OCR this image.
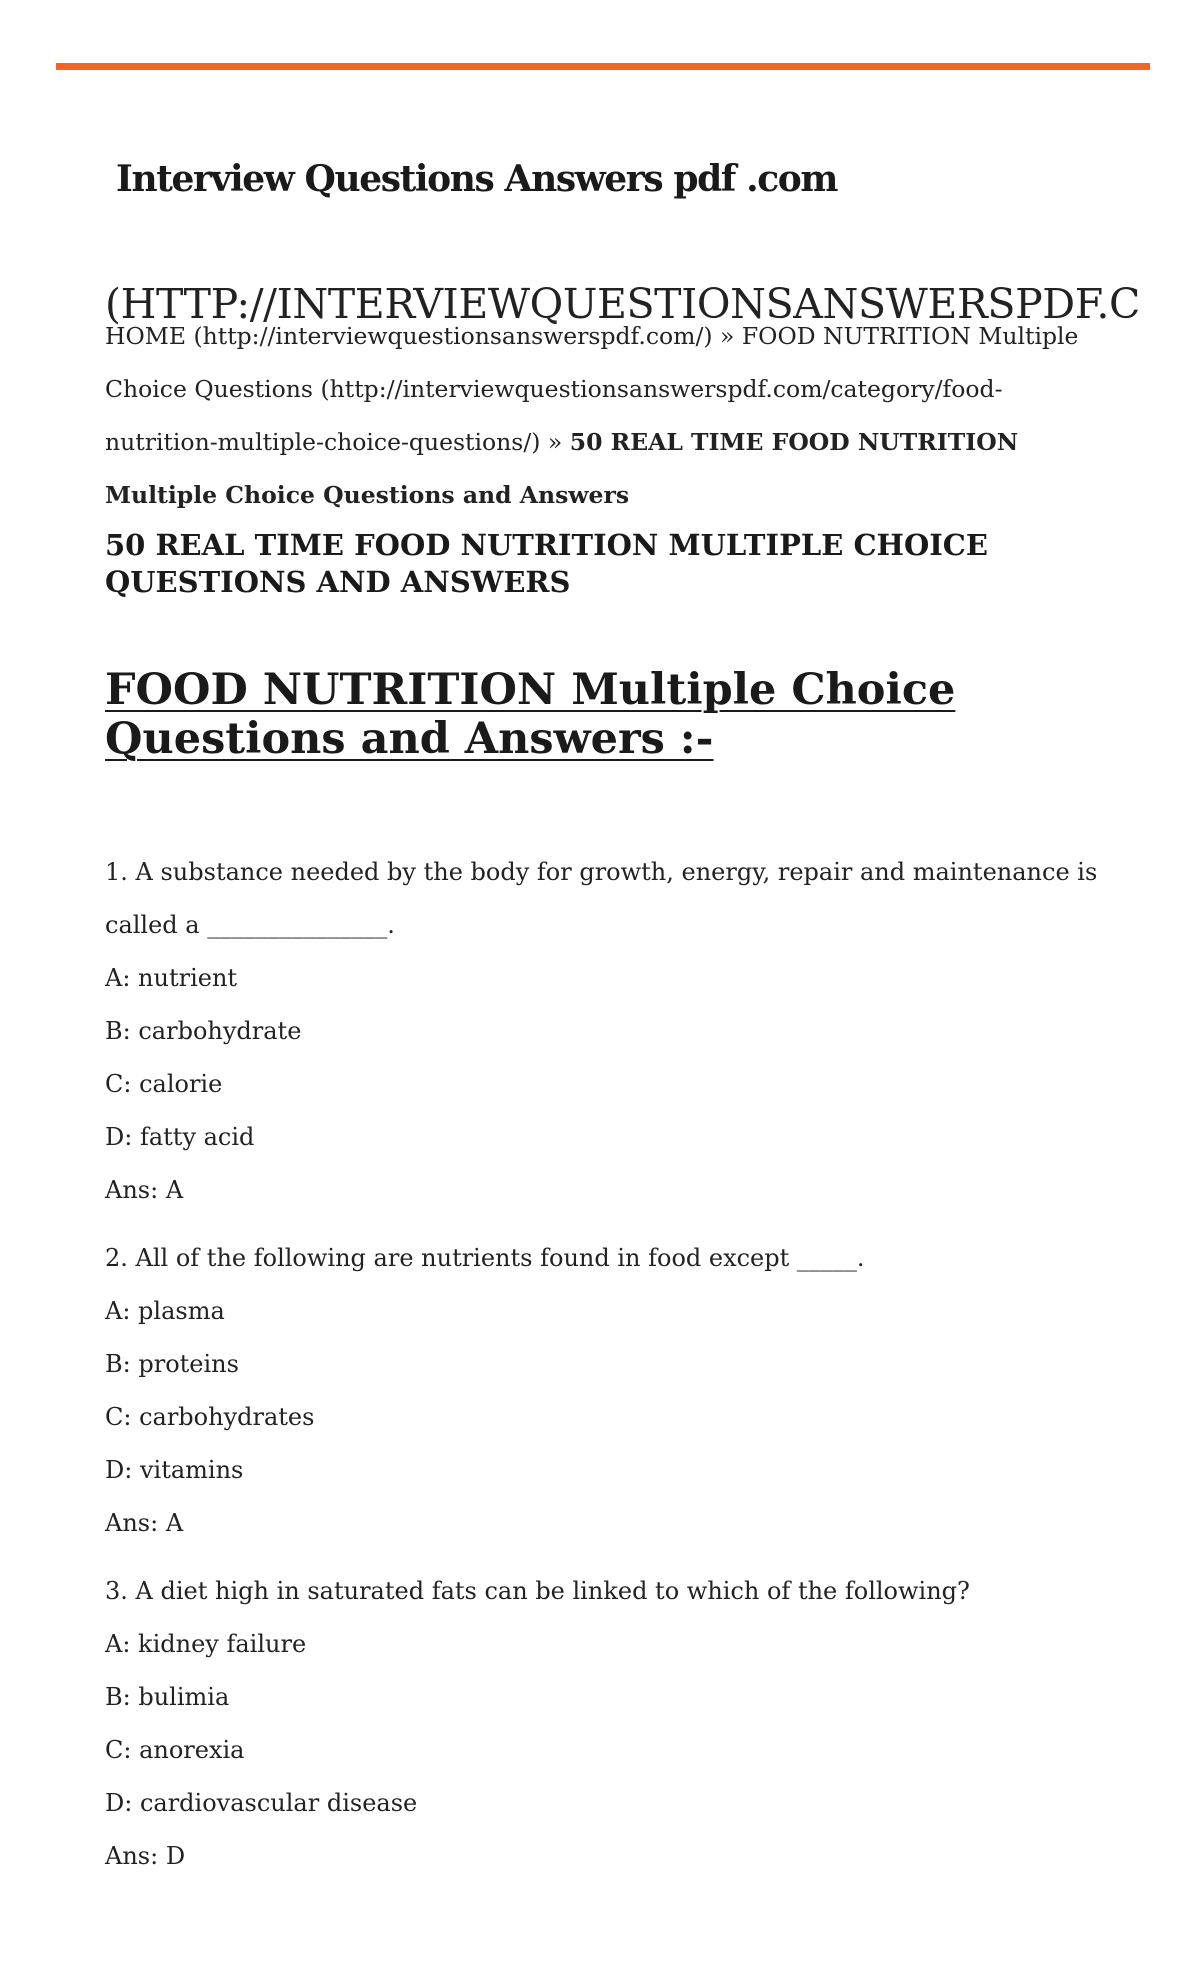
Interview Questions Answers pdf .com
(HTTP://INTERVIEWQUESTIONSANSWERSPDF.C
HOME (http://interviewquestionsanswerspdf.com/) » FOOD NUTRITION Multiple Choice Questions (http://interviewquestionsanswerspdf.com/category/food-nutrition-multiple-choice-questions/) » 50 REAL TIME FOOD NUTRITION Multiple Choice Questions and Answers
50 REAL TIME FOOD NUTRITION MULTIPLE CHOICE QUESTIONS AND ANSWERS
FOOD NUTRITION Multiple Choice Questions and Answers :-

1. A substance needed by the body for growth, energy, repair and maintenance is called a _______________.

A: nutrient

B: carbohydrate

C: calorie

D: fatty acid

Ans: A

2. All of the following are nutrients found in food except _____.

A: plasma

B: proteins

C: carbohydrates

D: vitamins

Ans: A

3. A diet high in saturated fats can be linked to which of the following?

A: kidney failure

B: bulimia

C: anorexia

D: cardiovascular disease

Ans: D
